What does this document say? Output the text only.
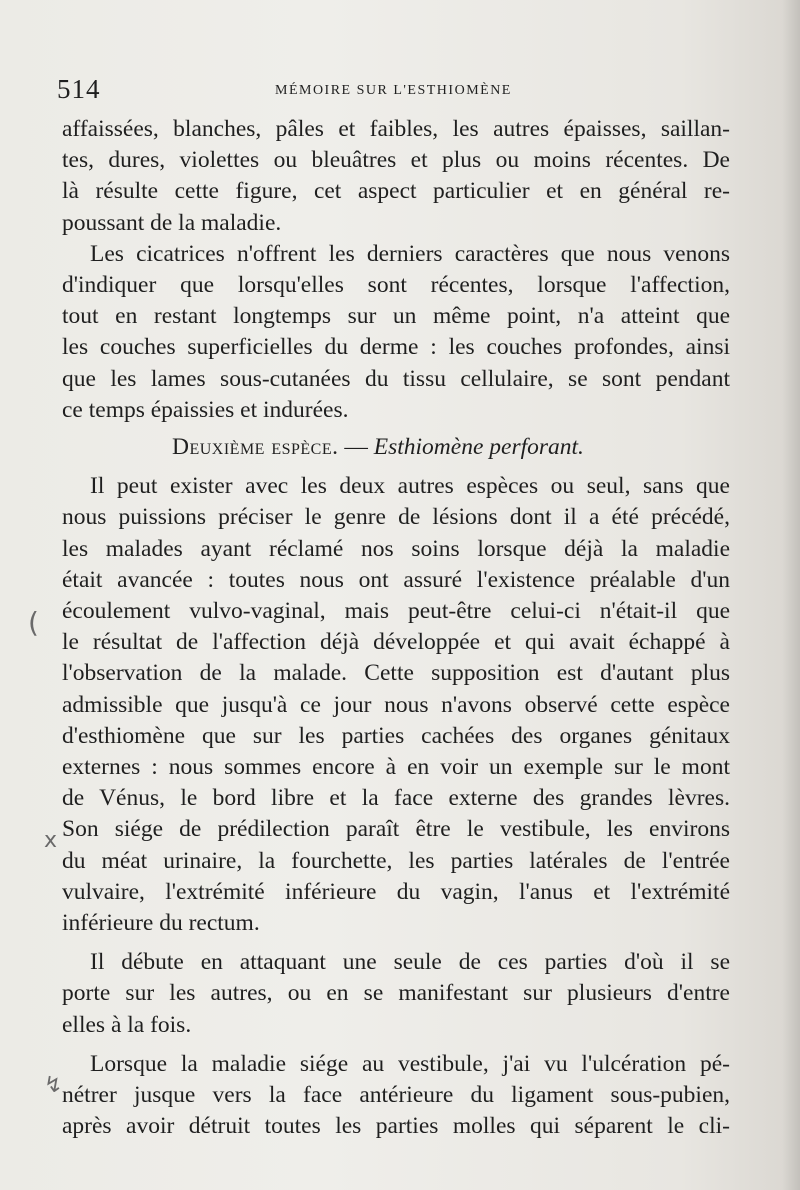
514	MÉMOIRE SUR L'ESTHIOMÈNE
affaissées, blanches, pâles et faibles, les autres épaisses, saillan-
tes, dures, violettes ou bleuâtres et plus ou moins récentes. De
là résulte cette figure, cet aspect particulier et en général re-
poussant de la maladie.
Les cicatrices n'offrent les derniers caractères que nous venons
d'indiquer que lorsqu'elles sont récentes, lorsque l'affection,
tout en restant longtemps sur un même point, n'a atteint que
les couches superficielles du derme : les couches profondes, ainsi
que les lames sous-cutanées du tissu cellulaire, se sont pendant
ce temps épaissies et indurées.
Deuxième espèce. — Esthiomène perforant.
Il peut exister avec les deux autres espèces ou seul, sans que
nous puissions préciser le genre de lésions dont il a été précédé,
les malades ayant réclamé nos soins lorsque déjà la maladie
était avancée : toutes nous ont assuré l'existence préalable d'un
écoulement vulvo-vaginal, mais peut-être celui-ci n'était-il que
le résultat de l'affection déjà développée et qui avait échappé à
l'observation de la malade. Cette supposition est d'autant plus
admissible que jusqu'à ce jour nous n'avons observé cette espèce
d'esthiomène que sur les parties cachées des organes génitaux
externes : nous sommes encore à en voir un exemple sur le mont
de Vénus, le bord libre et la face externe des grandes lèvres.
Son siége de prédilection paraît être le vestibule, les environs
du méat urinaire, la fourchette, les parties latérales de l'entrée
vulvaire, l'extrémité inférieure du vagin, l'anus et l'extrémité
inférieure du rectum.
Il débute en attaquant une seule de ces parties d'où il se
porte sur les autres, ou en se manifestant sur plusieurs d'entre
elles à la fois.
Lorsque la maladie siége au vestibule, j'ai vu l'ulcération pé-
nétrer jusque vers la face antérieure du ligament sous-pubien,
après avoir détruit toutes les parties molles qui séparent le cli-
(
x
↯
